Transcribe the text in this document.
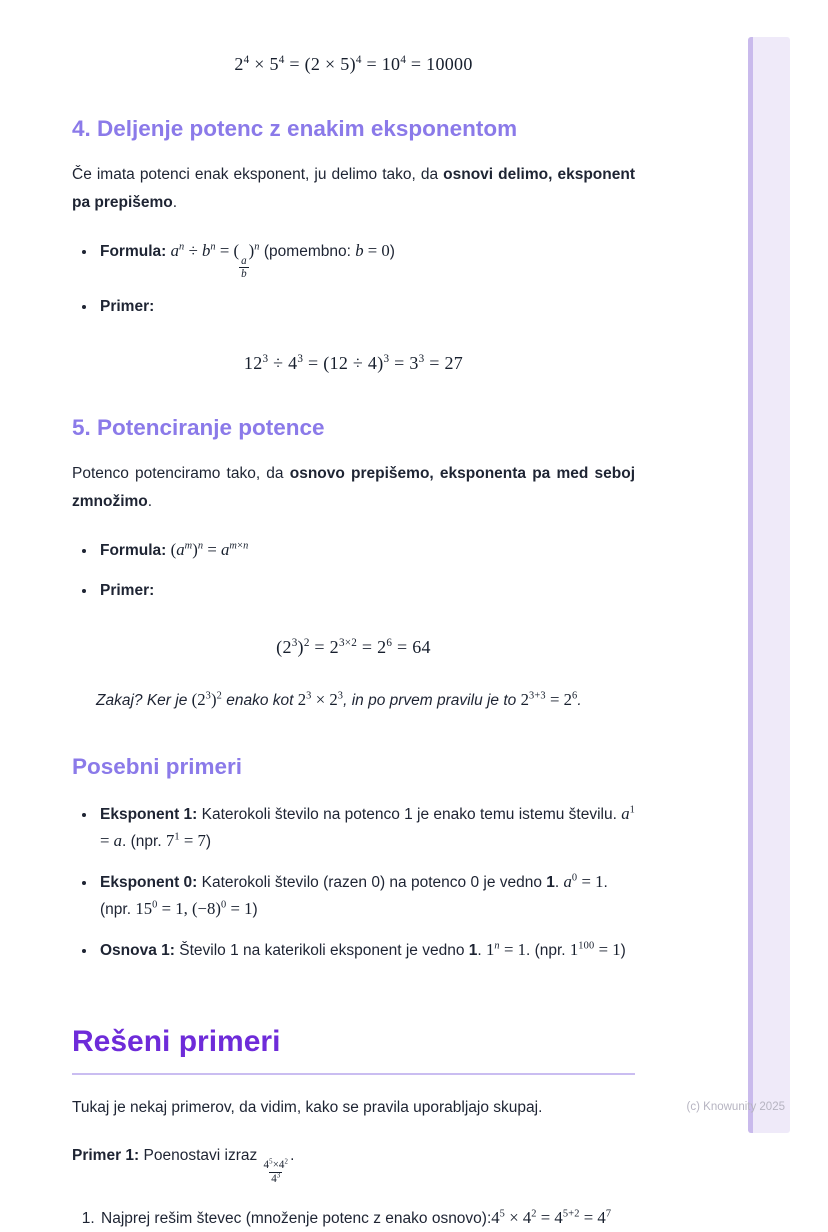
$2^4 \times 5^4 = (2 \times 5)^4 = 10^4 = 10000$
4. Deljenje potenc z enakim eksponentom

Če imata potenci enak eksponent, ju delimo tako, da osnovi delimo, eksponent pa prepišemo.

• Formula: $a^n \div b^n$ = (
$\frac{a}{b}$
)$^n$ (pomembno: b = 0)
• Primer:
$12^3 \div 4^3 = (12 \div 4)^3 = 3^3 = 27$
5. Potenciranje potence

Potenco potenciramo tako, da osnovo prepišemo, eksponenta pa med seboj zmnožimo.

• Formula: $(a^m)^n = a^{m\times n}$
• Primer:
$(2^3)^2 = 2^{3\times 2} = 2^6 = 64$

Zakaj? Ker je $(2^3)^2$ enako kot $2^3 \times 2^3$, in po prvem pravilu je to $2^{3+3} = 2^6$.

Posebni primeri
• Eksponent 1: Katerokoli število na potenco 1 je enako temu istemu številu. $a^1 = a$. (npr. $7^1 = 7$)
• Eksponent 0: Katerokoli število (razen 0) na potenco 0 je vedno 1. $a^0 = 1$. (npr. $15^0 = 1$, $(-8)^0 = 1$)
• Osnova 1: Število 1 na katerikoli eksponent je vedno 1. $1^n = 1$. (npr. $1^{100} = 1$)
Rešeni primeri

Tukaj je nekaj primerov, da vidim, kako se pravila uporabljajo skupaj.

Primer 1: Poenostavi izraz
$\frac{4^5\times 4^2}{4^3}$
.

1. Najprej rešim števec (množenje potenc z enako $osnovo):4^5 \times 4^2 = 4^{5+2} = 4^7$
(c) Knowunity 2025
